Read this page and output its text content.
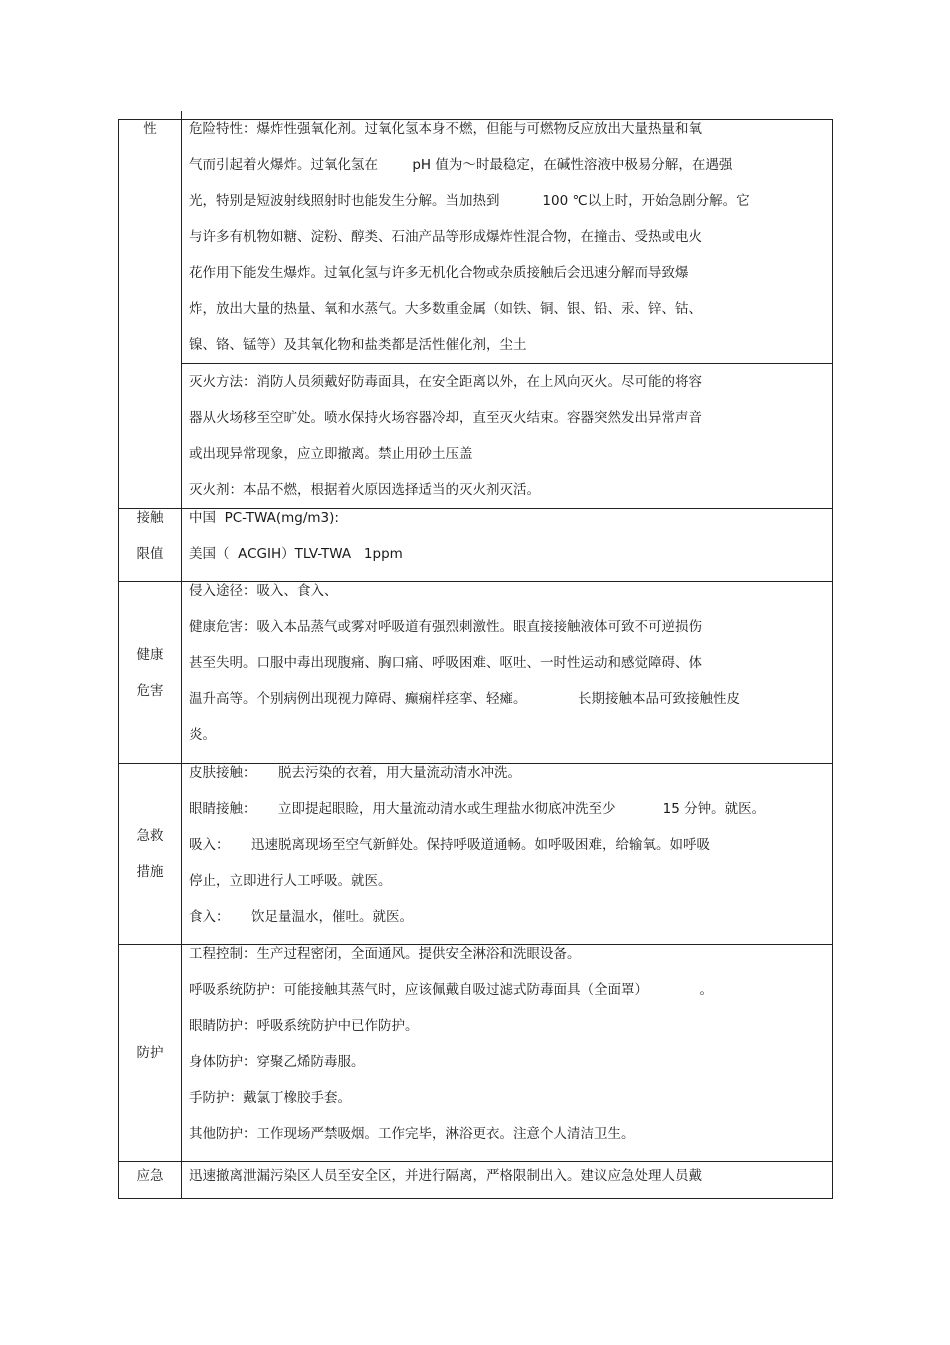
性	危险特性：爆炸性强氧化剂。过氧化氢本身不燃，但能与可燃物反应放出大量热量和氧
气而引起着火爆炸。过氧化氢在        pH 值为～时最稳定，在碱性溶液中极易分解，在遇强
光，特别是短波射线照射时也能发生分解。当加热到          100 ℃以上时，开始急剧分解。它
与许多有机物如糖、淀粉、醇类、石油产品等形成爆炸性混合物，在撞击、受热或电火
花作用下能发生爆炸。过氧化氢与许多无机化合物或杂质接触后会迅速分解而导致爆
炸，放出大量的热量、氧和水蒸气。大多数重金属（如铁、铜、银、铅、汞、锌、钴、
镍、铬、锰等）及其氧化物和盐类都是活性催化剂，尘土
灭火方法：消防人员须戴好防毒面具，在安全距离以外，在上风向灭火。尽可能的将容
器从火场移至空旷处。喷水保持火场容器冷却，直至灭火结束。容器突然发出异常声音
或出现异常现象，应立即撤离。禁止用砂土压盖
灭火剂：本品不燃，根据着火原因选择适当的灭火剂灭活。
接触
限值
中国  PC-TWA(mg/m3):
美国（  ACGIH）TLV-TWA   1ppm
健康
危害
侵入途径：吸入、食入、
健康危害：吸入本品蒸气或雾对呼吸道有强烈刺激性。眼直接接触液体可致不可逆损伤
甚至失明。口服中毒出现腹痛、胸口痛、呼吸困难、呕吐、一时性运动和感觉障碍、体
温升高等。个别病例出现视力障碍、癫痫样痉挛、轻瘫。            长期接触本品可致接触性皮
炎。
急救
措施
皮肤接触：     脱去污染的衣着，用大量流动清水冲洗。
眼睛接触：     立即提起眼睑，用大量流动清水或生理盐水彻底冲洗至少           15 分钟。就医。
吸入：     迅速脱离现场至空气新鲜处。保持呼吸道通畅。如呼吸困难，给输氧。如呼吸
停止，立即进行人工呼吸。就医。
食入：     饮足量温水，催吐。就医。
防护
工程控制：生产过程密闭，全面通风。提供安全淋浴和洗眼设备。
呼吸系统防护：可能接触其蒸气时，应该佩戴自吸过滤式防毒面具（全面罩）            。
眼睛防护：呼吸系统防护中已作防护。
身体防护：穿聚乙烯防毒服。
手防护：戴氯丁橡胶手套。
其他防护：工作现场严禁吸烟。工作完毕，淋浴更衣。注意个人清洁卫生。
应急	迅速撤离泄漏污染区人员至安全区，并进行隔离，严格限制出入。建议应急处理人员戴
